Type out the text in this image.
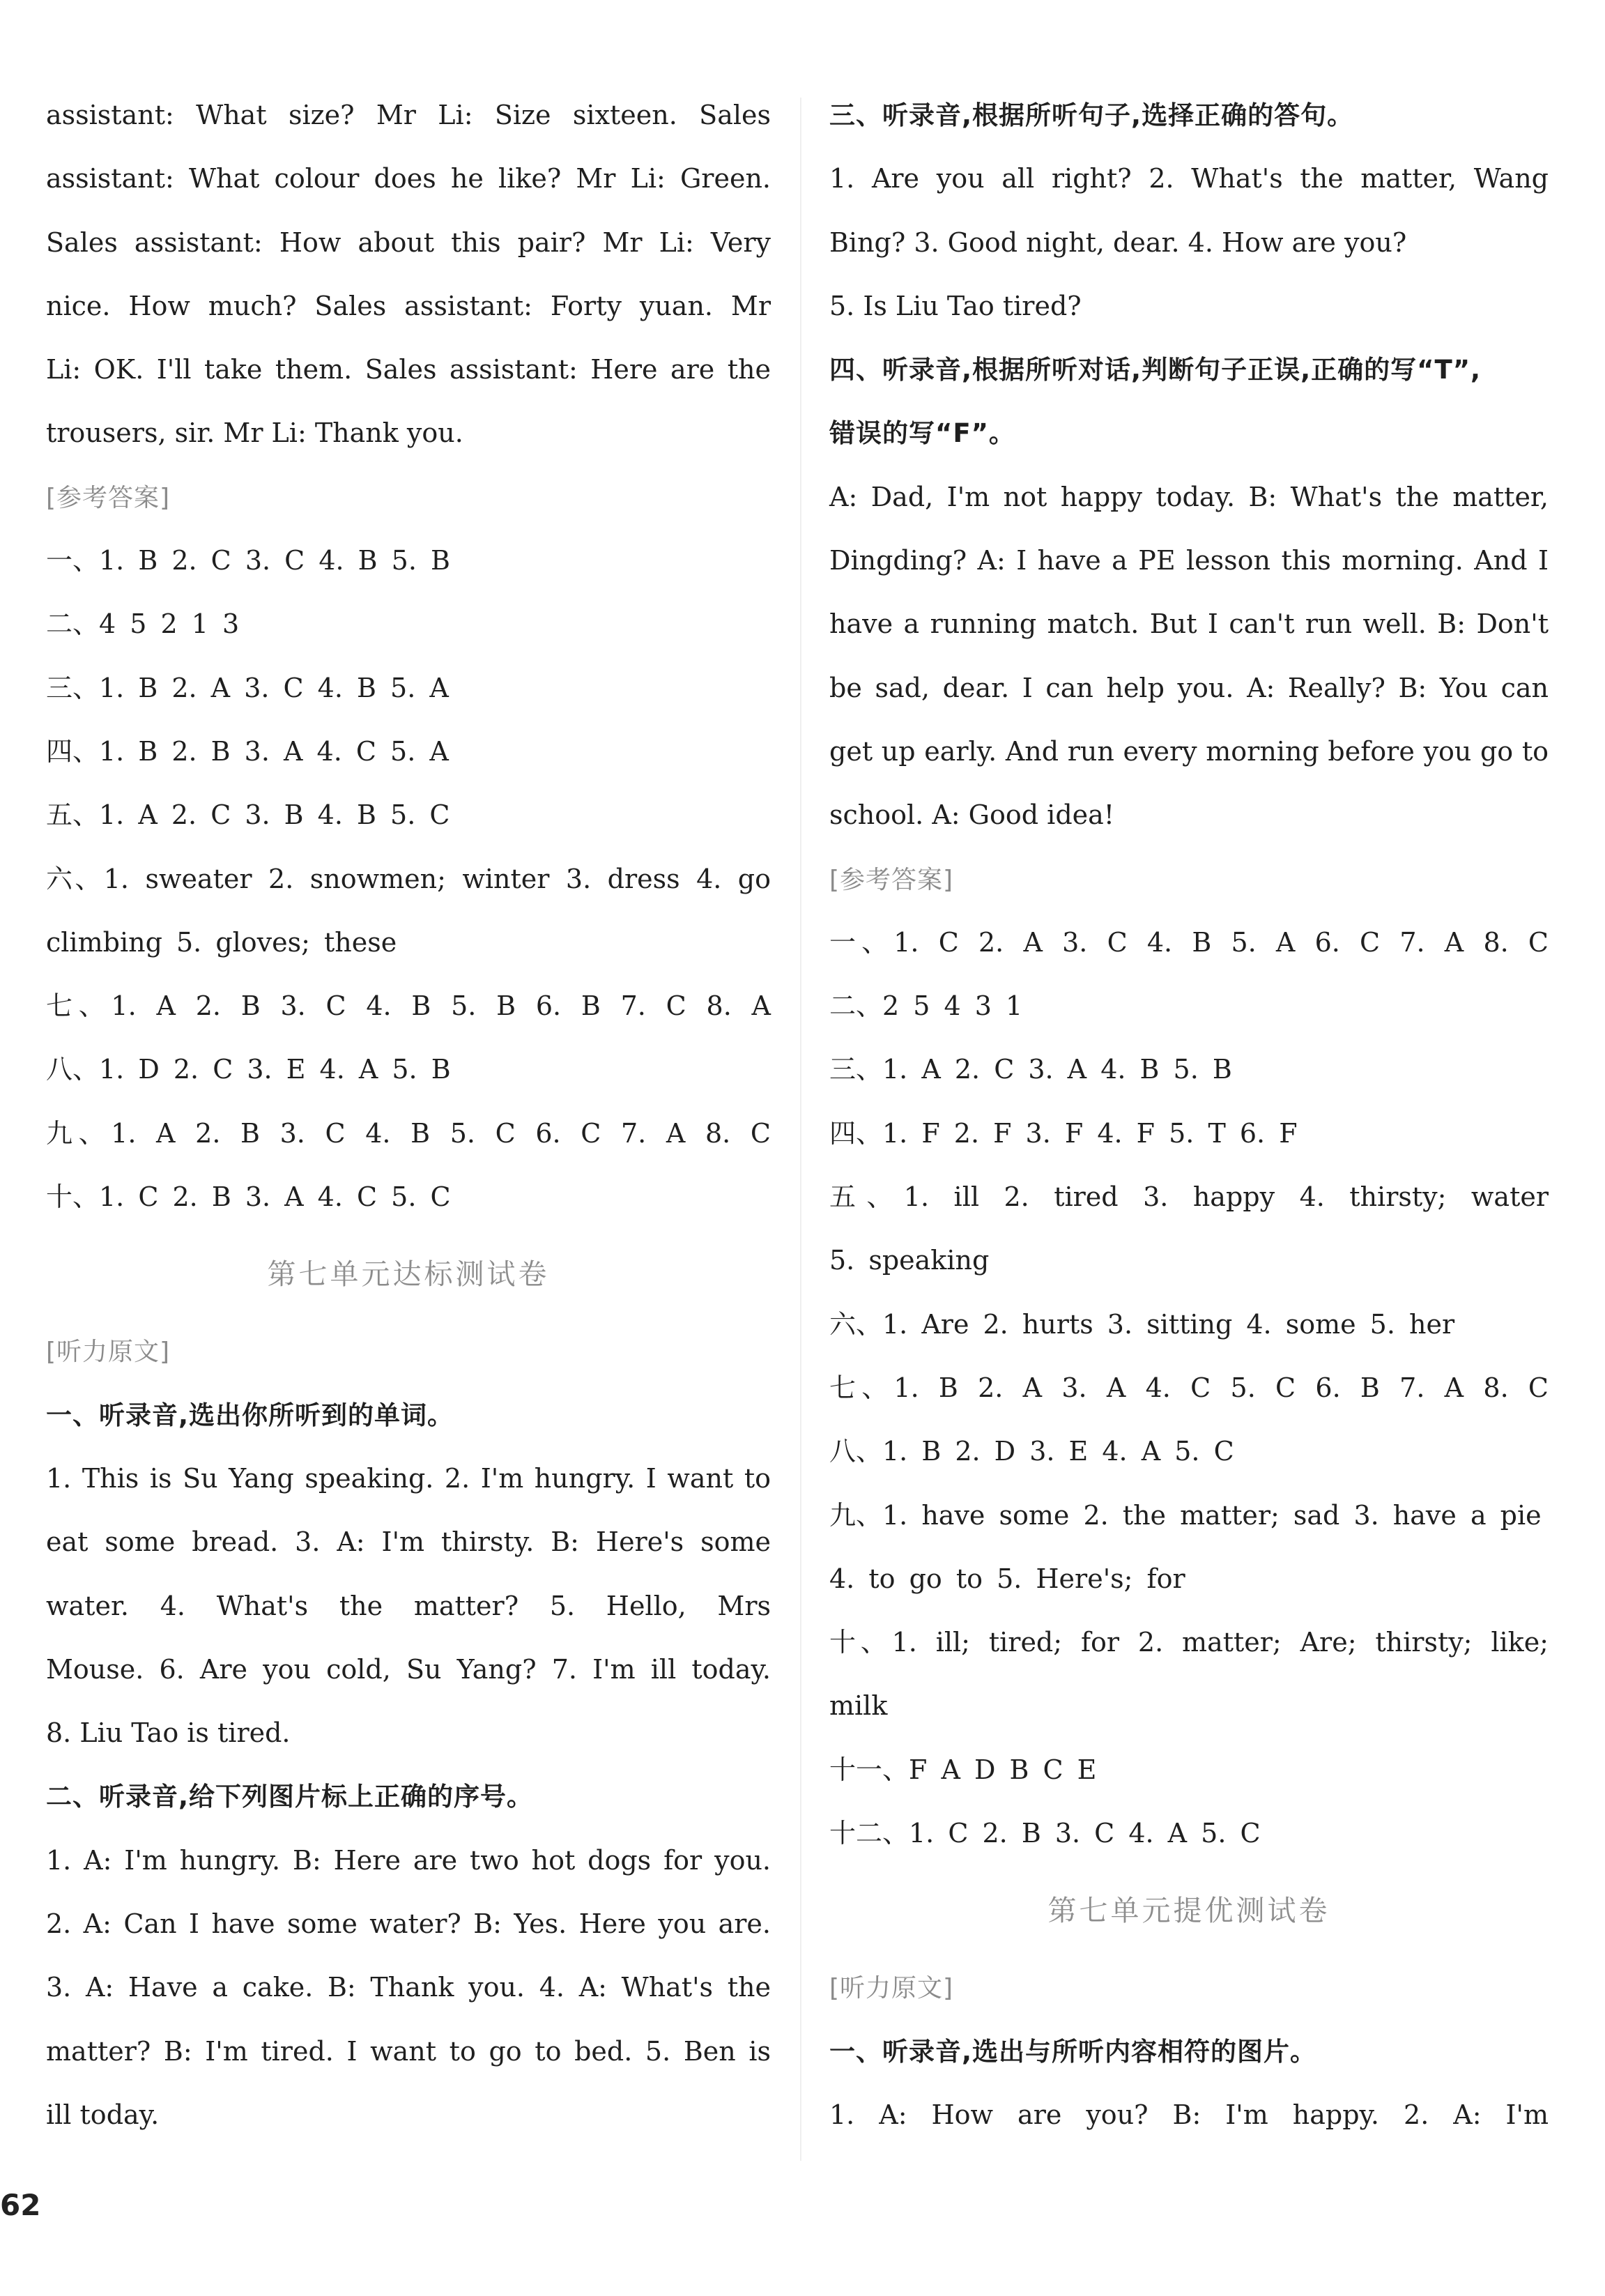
assistant: What size? Mr Li: Size sixteen. Sales

assistant: What colour does he like? Mr Li: Green.

Sales assistant: How about this pair? Mr Li: Very

nice. How much? Sales assistant: Forty yuan. Mr

Li: OK. I'll take them. Sales assistant: Here are the

trousers, sir. Mr Li: Thank you.

[参考答案]

一、1. B 2. C 3. C 4. B 5. B

二、4 5 2 1 3

三、1. B 2. A 3. C 4. B 5. A

四、1. B 2. B 3. A 4. C 5. A

五、1. A 2. C 3. B 4. B 5. C

六、1. sweater 2. snowmen; winter 3. dress 4. go

climbing 5. gloves; these

七、1. A 2. B 3. C 4. B 5. B 6. B 7. C 8. A

八、1. D 2. C 3. E 4. A 5. B

九、1. A 2. B 3. C 4. B 5. C 6. C 7. A 8. C

十、1. C 2. B 3. A 4. C 5. C

第七单元达标测试卷

[听力原文]

一、听录音,选出你所听到的单词。

1. This is Su Yang speaking. 2. I'm hungry. I want to

eat some bread. 3. A: I'm thirsty. B: Here's some

water. 4. What's the matter? 5. Hello, Mrs

Mouse. 6. Are you cold, Su Yang? 7. I'm ill today.

8. Liu Tao is tired.

二、听录音,给下列图片标上正确的序号。

1. A: I'm hungry. B: Here are two hot dogs for you.

2. A: Can I have some water? B: Yes. Here you are.

3. A: Have a cake. B: Thank you. 4. A: What's the

matter? B: I'm tired. I want to go to bed. 5. Ben is

ill today.

三、听录音,根据所听句子,选择正确的答句。

1. Are you all right? 2. What's the matter, Wang

Bing? 3. Good night, dear. 4. How are you?

5. Is Liu Tao tired?

四、听录音,根据所听对话,判断句子正误,正确的写“T”,

错误的写“F”。

A: Dad, I'm not happy today. B: What's the matter,

Dingding? A: I have a PE lesson this morning. And I

have a running match. But I can't run well. B: Don't

be sad, dear. I can help you. A: Really? B: You can

get up early. And run every morning before you go to

school. A: Good idea!

[参考答案]

一、1. C 2. A 3. C 4. B 5. A 6. C 7. A 8. C

二、2 5 4 3 1

三、1. A 2. C 3. A 4. B 5. B

四、1. F 2. F 3. F 4. F 5. T 6. F

五、1. ill 2. tired 3. happy 4. thirsty; water

5. speaking

六、1. Are 2. hurts 3. sitting 4. some 5. her

七、1. B 2. A 3. A 4. C 5. C 6. B 7. A 8. C

八、1. B 2. D 3. E 4. A 5. C

九、1. have some 2. the matter; sad 3. have a pie

4. to go to 5. Here's; for

十、1. ill; tired; for 2. matter; Are; thirsty; like;

milk

十一、F A D B C E

十二、1. C 2. B 3. C 4. A 5. C

第七单元提优测试卷

[听力原文]

一、听录音,选出与所听内容相符的图片。

1. A: How are you? B: I'm happy. 2. A: I'm

62
